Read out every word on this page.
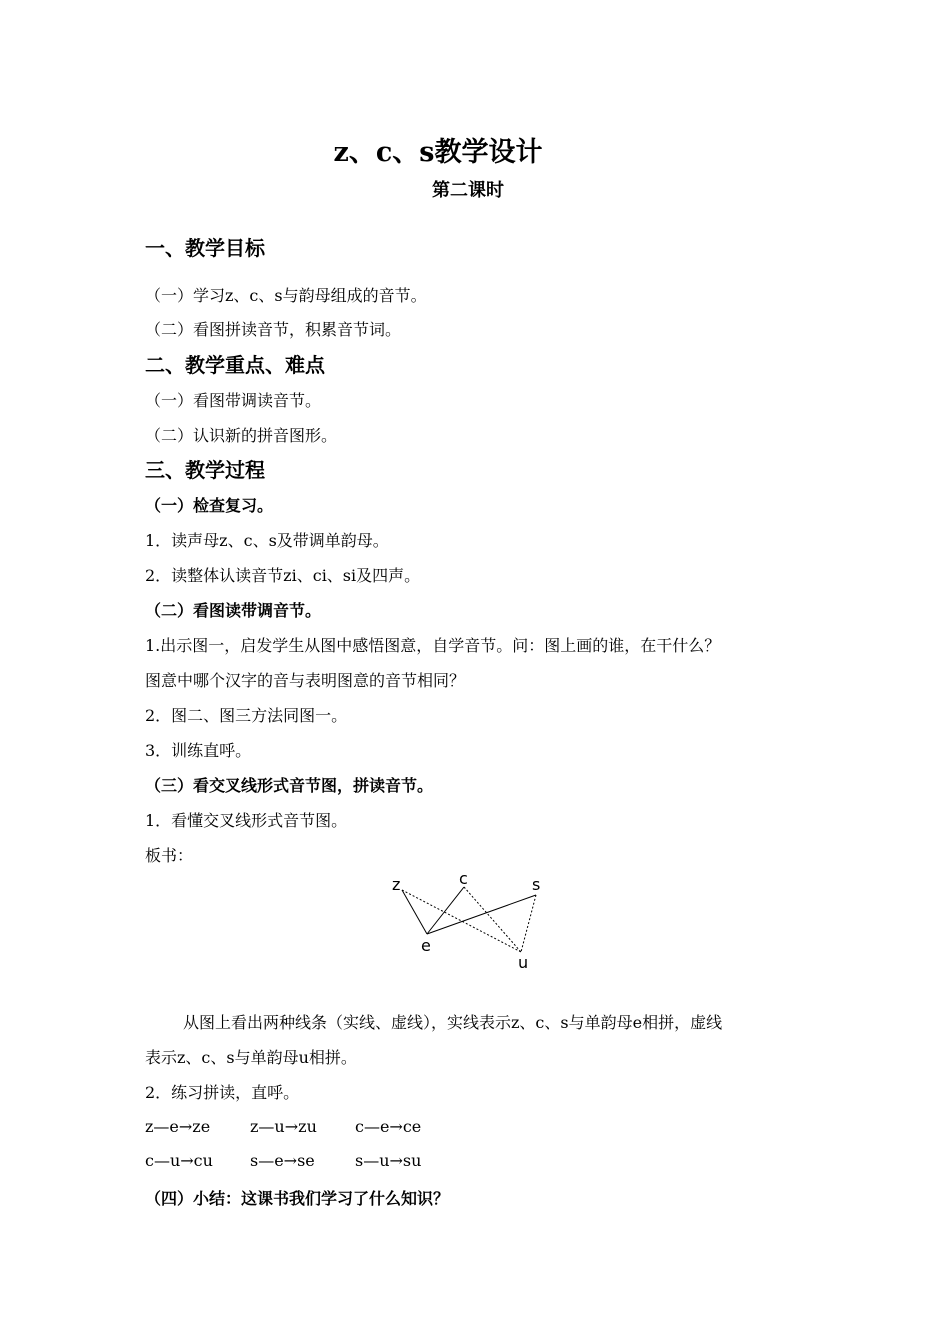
z、c、s教学设计
第二课时
一、教学目标
（一）学习z、c、s与韵母组成的音节。
（二）看图拼读音节，积累音节词。
二、教学重点、难点
（一）看图带调读音节。
（二）认识新的拼音图形。
三、教学过程
（一）检查复习。
1．读声母z、c、s及带调单韵母。
2．读整体认读音节zi、ci、si及四声。
（二）看图读带调音节。
1.出示图一，启发学生从图中感悟图意，自学音节。问：图上画的谁，在干什么？
图意中哪个汉字的音与表明图意的音节相同？
2．图二、图三方法同图一。
3．训练直呼。
（三）看交叉线形式音节图，拼读音节。
1．看懂交叉线形式音节图。
板书：
z	c	s
e
u
从图上看出两种线条（实线、虚线），实线表示z、c、s与单韵母e相拼，虚线
表示z、c、s与单韵母u相拼。
2．练习拼读，直呼。
z—e→ze z—u→zu c—e→ce
c—u→cu s—e→se	s—u→su
（四）小结：这课书我们学习了什么知识？
